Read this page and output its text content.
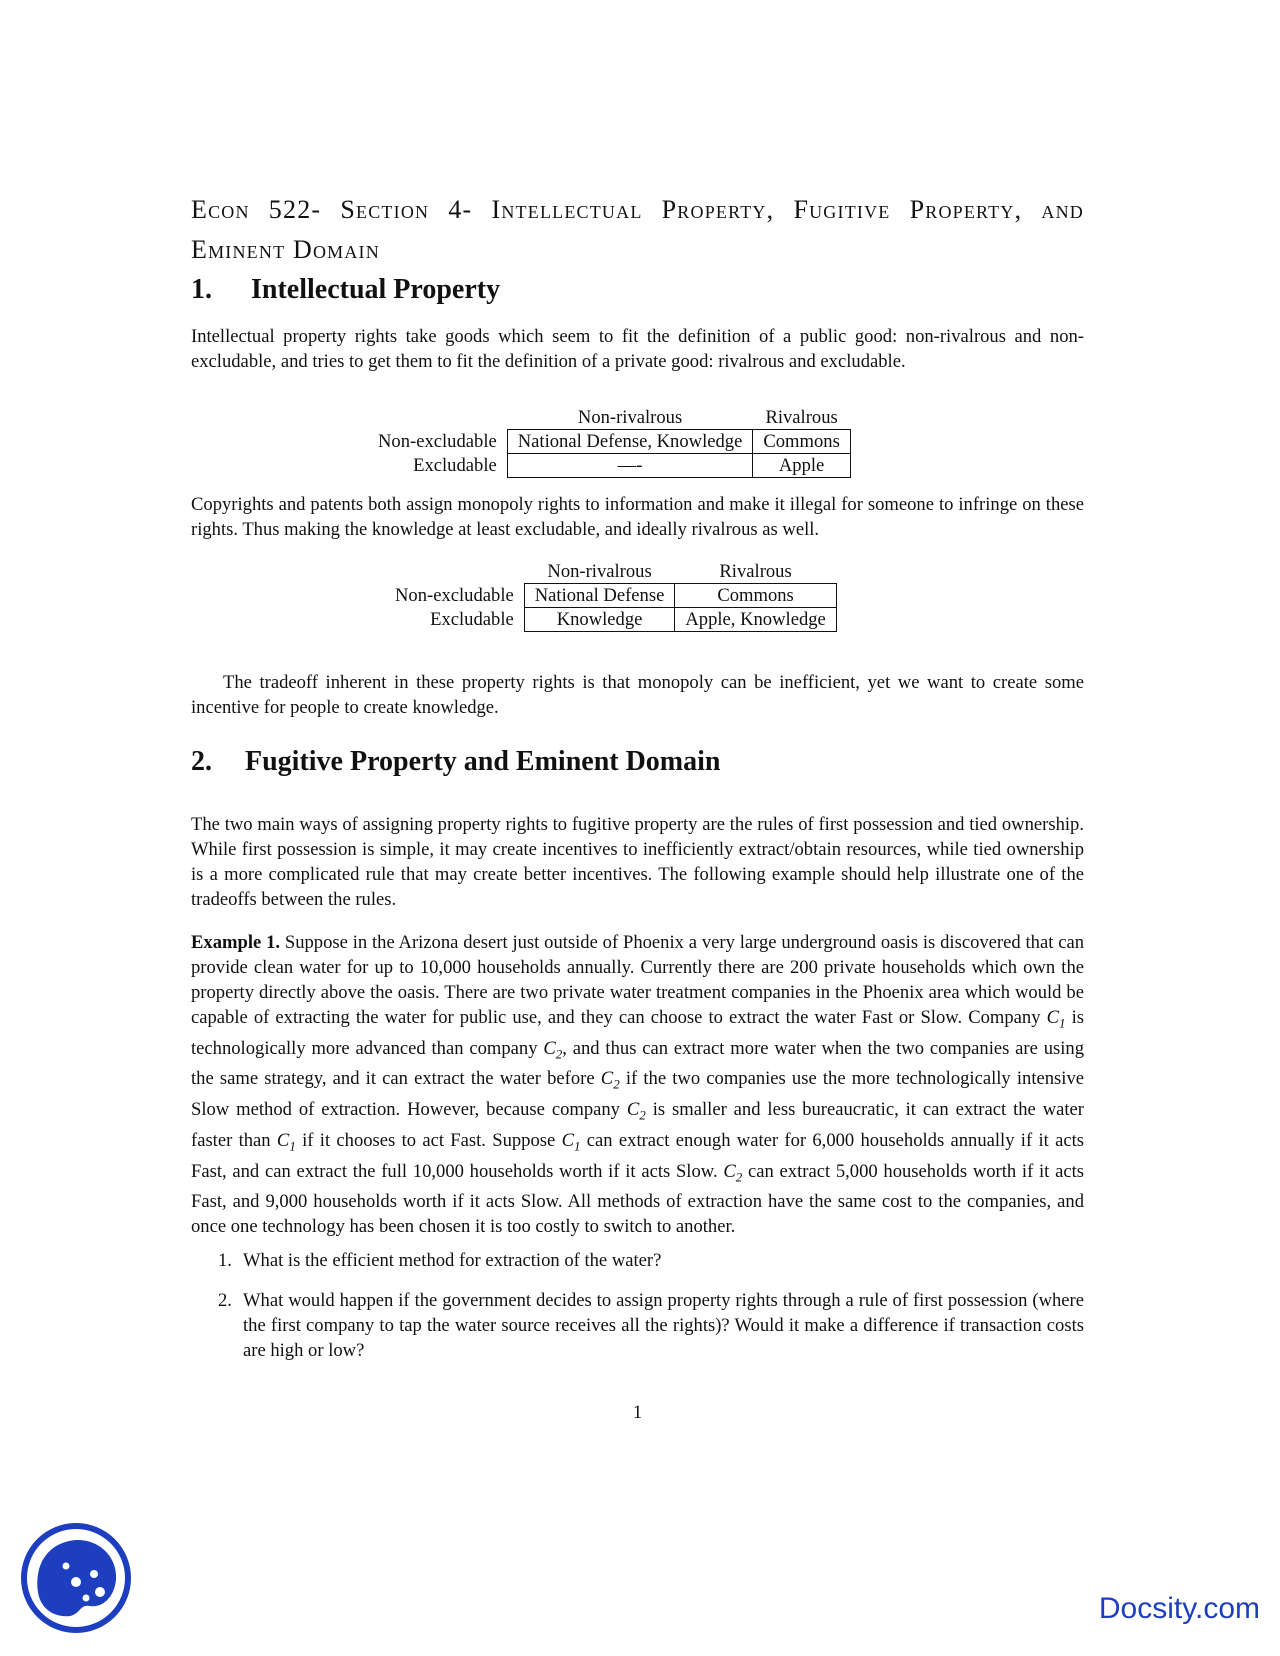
Econ 522- Section 4- Intellectual Property, Fugitive Property, and Eminent Domain
1. Intellectual Property

Intellectual property rights take goods which seem to fit the definition of a public good: non-rivalrous and non-excludable, and tries to get them to fit the definition of a private good: rivalrous and excludable.

	Non-rivalrous	Rivalrous
Non-excludable	National Defense, Knowledge	Commons
Excludable	—-	Apple

Copyrights and patents both assign monopoly rights to information and make it illegal for someone to infringe on these rights. Thus making the knowledge at least excludable, and ideally rivalrous as well.

	Non-rivalrous	Rivalrous
Non-excludable	National Defense	Commons
Excludable	Knowledge	Apple, Knowledge

The tradeoff inherent in these property rights is that monopoly can be inefficient, yet we want to create some incentive for people to create knowledge.

2. Fugitive Property and Eminent Domain

The two main ways of assigning property rights to fugitive property are the rules of first possession and tied ownership. While first possession is simple, it may create incentives to inefficiently extract/obtain resources, while tied ownership is a more complicated rule that may create better incentives. The following example should help illustrate one of the tradeoffs between the rules.

Example 1. Suppose in the Arizona desert just outside of Phoenix a very large underground oasis is discovered that can provide clean water for up to 10,000 households annually. Currently there are 200 private households which own the property directly above the oasis. There are two private water treatment companies in the Phoenix area which would be capable of extracting the water for public use, and they can choose to extract the water Fast or Slow. Company $C_1$ is technologically more advanced than company $C_2$, and thus can extract more water when the two companies are using the same strategy, and it can extract the water before $C_2$ if the two companies use the more technologically intensive Slow method of extraction. However, because company $C_2$ is smaller and less bureaucratic, it can extract the water faster than $C_1$ if it chooses to act Fast. Suppose $C_1$ can extract enough water for 6,000 households annually if it acts Fast, and can extract the full 10,000 households worth if it acts Slow. $C_2$ can extract 5,000 households worth if it acts Fast, and 9,000 households worth if it acts Slow. All methods of extraction have the same cost to the companies, and once one technology has been chosen it is too costly to switch to another.

1. What is the efficient method for extraction of the water?
2. What would happen if the government decides to assign property rights through a rule of first possession (where the first company to tap the water source receives all the rights)? Would it make a difference if transaction costs are high or low?
1
Docsity.com
